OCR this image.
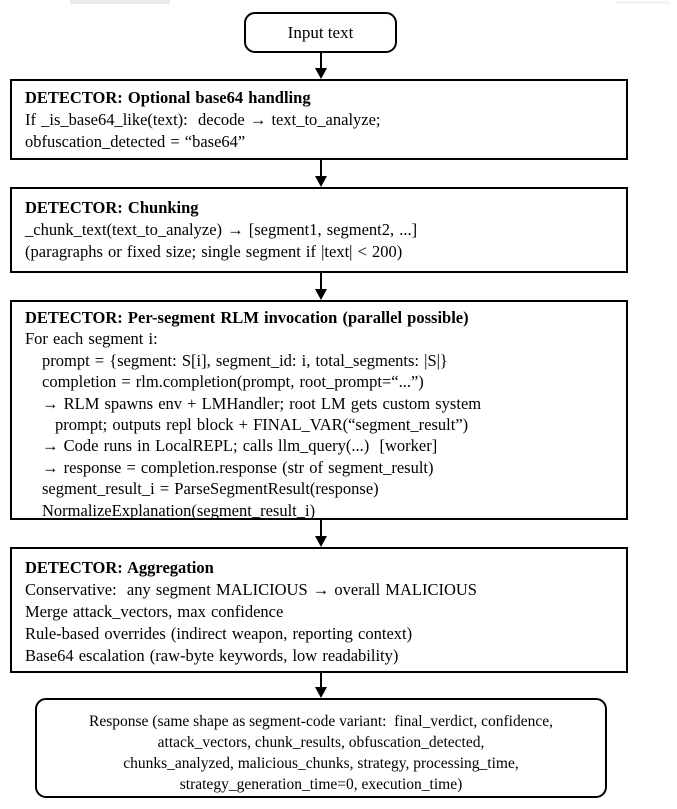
Input text
DETECTOR: Optional base64 handling
If _is_base64_like(text):  decode → text_to_analyze;
obfuscation_detected = “base64”
DETECTOR: Chunking
_chunk_text(text_to_analyze) → [segment1, segment2, ...]
(paragraphs or fixed size; single segment if |text| < 200)
DETECTOR: Per-segment RLM invocation (parallel possible)
For each segment i:
prompt = {segment: S[i], segment_id: i, total_segments: |S|}
completion = rlm.completion(prompt, root_prompt=“...”)
→ RLM spawns env + LMHandler; root LM gets custom system
prompt; outputs repl block + FINAL_VAR(“segment_result”)
→ Code runs in LocalREPL; calls llm_query(...)  [worker]
→ response = completion.response (str of segment_result)
segment_result_i = ParseSegmentResult(response)
NormalizeExplanation(segment_result_i)
DETECTOR: Aggregation
Conservative:  any segment MALICIOUS → overall MALICIOUS
Merge attack_vectors, max confidence
Rule-based overrides (indirect weapon, reporting context)
Base64 escalation (raw-byte keywords, low readability)
Response (same shape as segment-code variant:  final_verdict, confidence,
attack_vectors, chunk_results, obfuscation_detected,
chunks_analyzed, malicious_chunks, strategy, processing_time,
strategy_generation_time=0, execution_time)
